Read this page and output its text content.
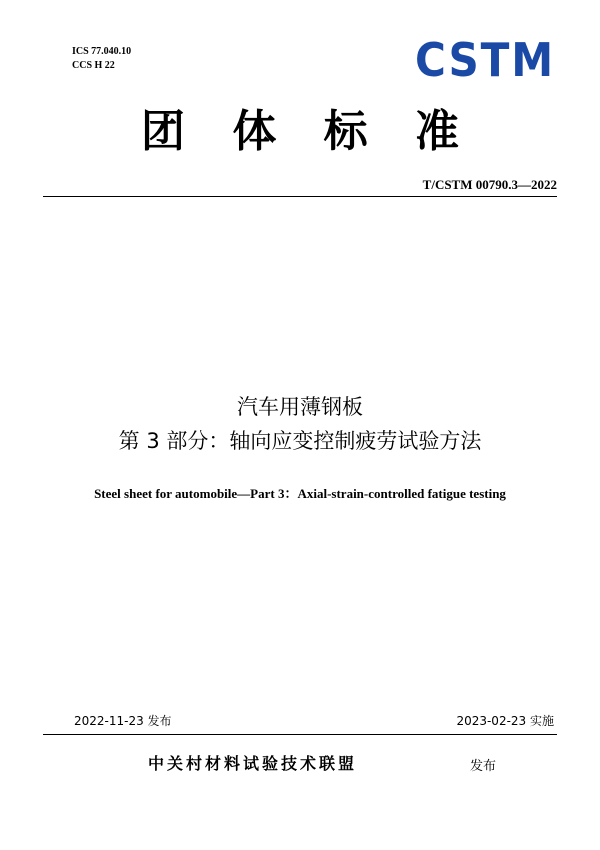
ICS 77.040.10
CCS H 22	CSTM
团 体 标 准
T/CSTM 00790.3—2022
汽车用薄钢板
第 3 部分：轴向应变控制疲劳试验方法
Steel sheet for automobile—Part 3：Axial-strain-controlled fatigue testing
2022-11-23 发布	2023-02-23 实施
中关村材料试验技术联盟	发布
